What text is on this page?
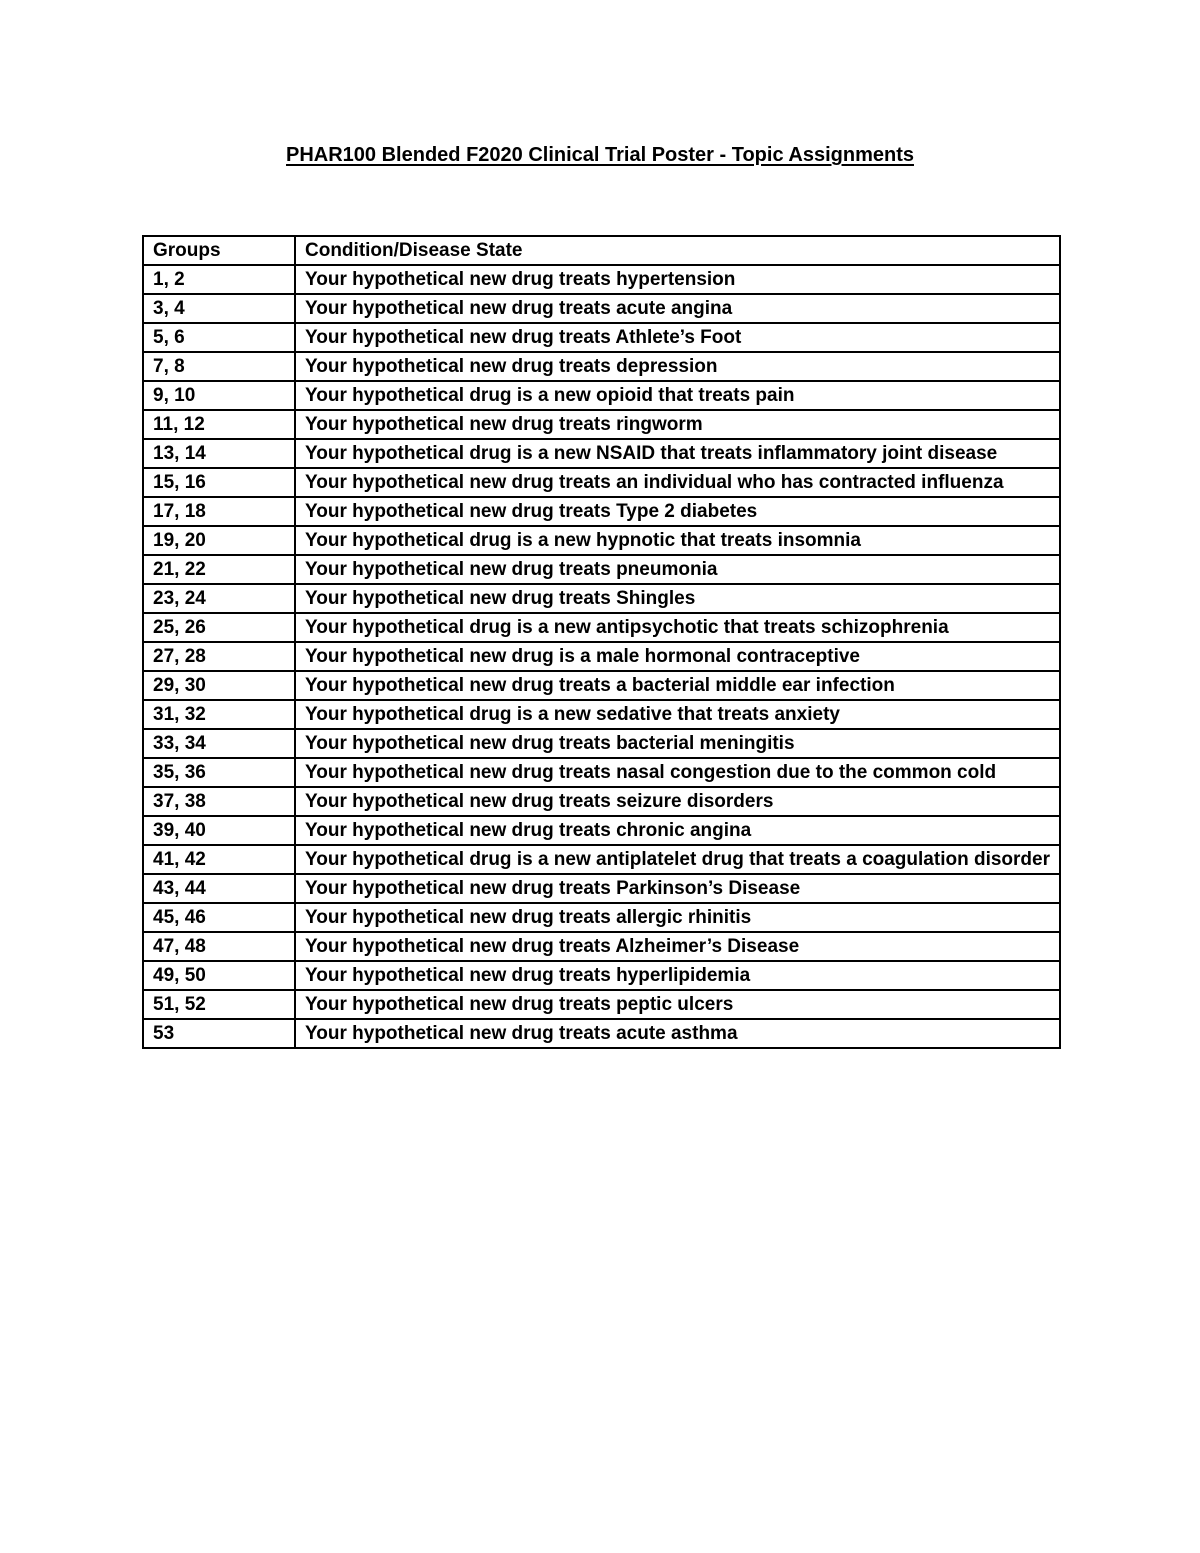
PHAR100 Blended F2020 Clinical Trial Poster - Topic Assignments
Groups	Condition/Disease State
1, 2	Your hypothetical new drug treats hypertension
3, 4	Your hypothetical new drug treats acute angina
5, 6	Your hypothetical new drug treats Athlete’s Foot
7, 8	Your hypothetical new drug treats depression
9, 10	Your hypothetical drug is a new opioid that treats pain
11, 12	Your hypothetical new drug treats ringworm
13, 14	Your hypothetical drug is a new NSAID that treats inflammatory joint disease
15, 16	Your hypothetical new drug treats an individual who has contracted influenza
17, 18	Your hypothetical new drug treats Type 2 diabetes
19, 20	Your hypothetical drug is a new hypnotic that treats insomnia
21, 22	Your hypothetical new drug treats pneumonia
23, 24	Your hypothetical new drug treats Shingles
25, 26	Your hypothetical drug is a new antipsychotic that treats schizophrenia
27, 28	Your hypothetical new drug is a male hormonal contraceptive
29, 30	Your hypothetical new drug treats a bacterial middle ear infection
31, 32	Your hypothetical drug is a new sedative that treats anxiety
33, 34	Your hypothetical new drug treats bacterial meningitis
35, 36	Your hypothetical new drug treats nasal congestion due to the common cold
37, 38	Your hypothetical new drug treats seizure disorders
39, 40	Your hypothetical new drug treats chronic angina
41, 42	Your hypothetical drug is a new antiplatelet drug that treats a coagulation disorder
43, 44	Your hypothetical new drug treats Parkinson’s Disease
45, 46	Your hypothetical new drug treats allergic rhinitis
47, 48	Your hypothetical new drug treats Alzheimer’s Disease
49, 50	Your hypothetical new drug treats hyperlipidemia
51, 52	Your hypothetical new drug treats peptic ulcers
53	Your hypothetical new drug treats acute asthma
